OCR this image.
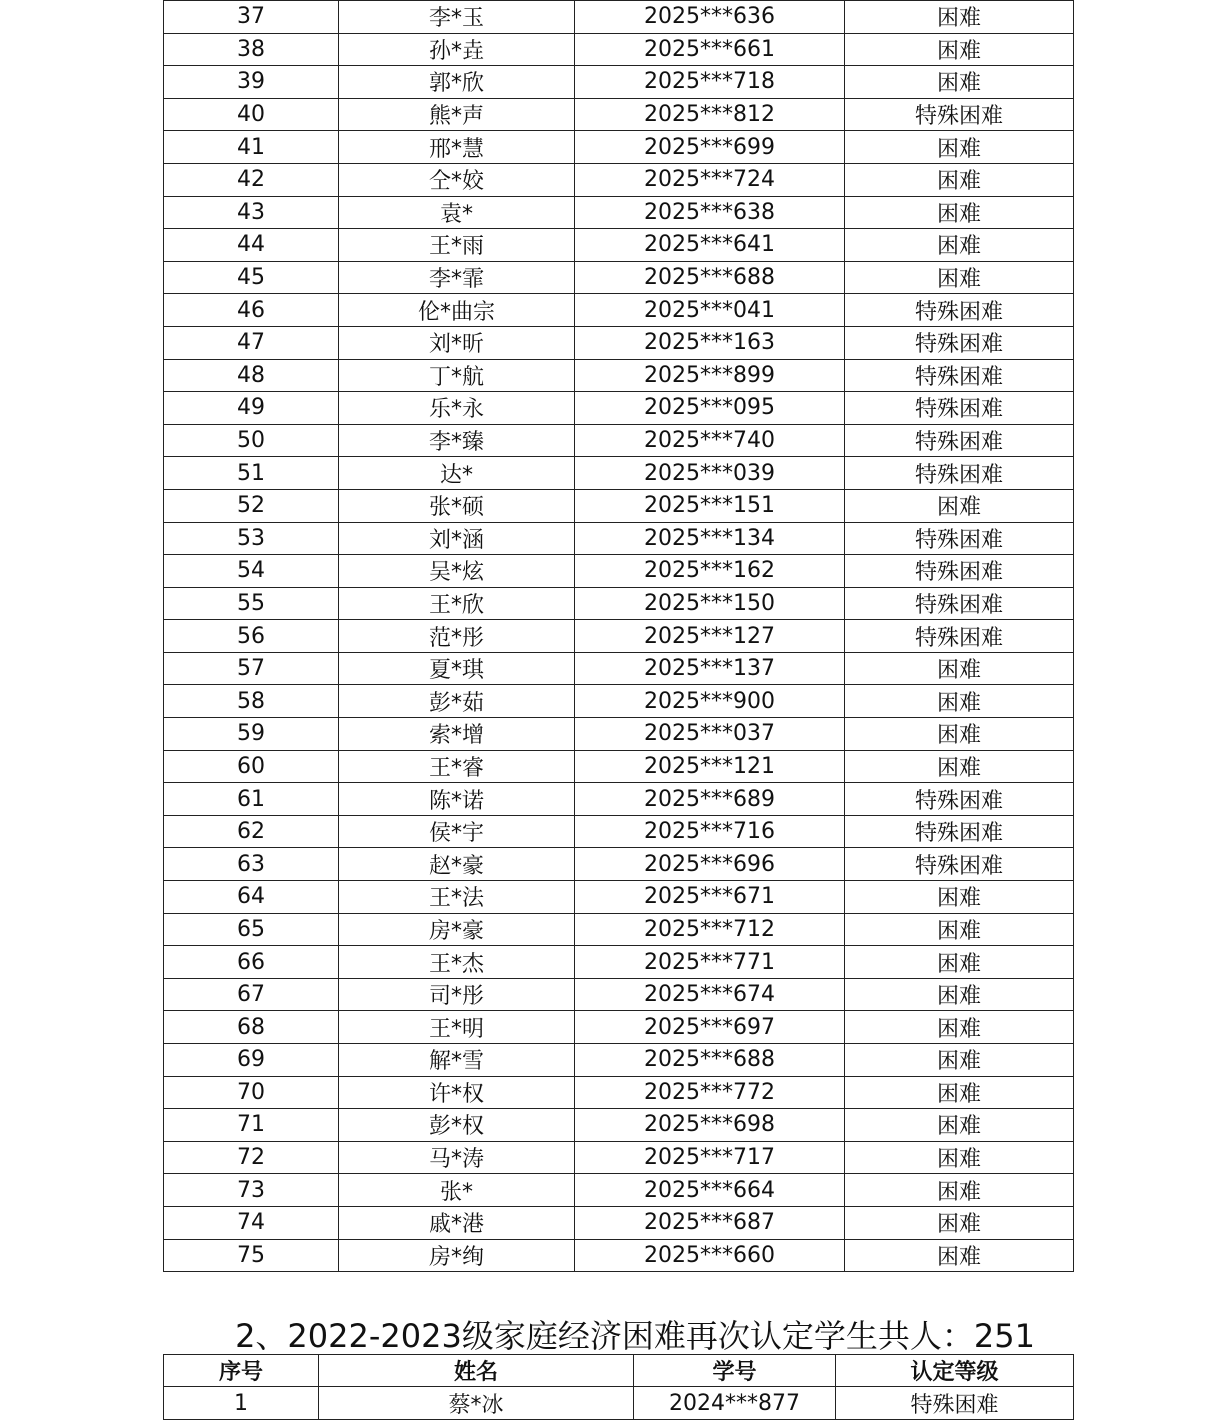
37	李*玉	2025***636	困难
38	孙*垚	2025***661	困难
39	郭*欣	2025***718	困难
40	熊*声	2025***812	特殊困难
41	邢*慧	2025***699	困难
42	仝*姣	2025***724	困难
43	袁*	2025***638	困难
44	王*雨	2025***641	困难
45	李*霏	2025***688	困难
46	伦*曲宗	2025***041	特殊困难
47	刘*昕	2025***163	特殊困难
48	丁*航	2025***899	特殊困难
49	乐*永	2025***095	特殊困难
50	李*臻	2025***740	特殊困难
51	达*	2025***039	特殊困难
52	张*硕	2025***151	困难
53	刘*涵	2025***134	特殊困难
54	吴*炫	2025***162	特殊困难
55	王*欣	2025***150	特殊困难
56	范*彤	2025***127	特殊困难
57	夏*琪	2025***137	困难
58	彭*茹	2025***900	困难
59	索*增	2025***037	困难
60	王*睿	2025***121	困难
61	陈*诺	2025***689	特殊困难
62	侯*宇	2025***716	特殊困难
63	赵*豪	2025***696	特殊困难
64	王*法	2025***671	困难
65	房*豪	2025***712	困难
66	王*杰	2025***771	困难
67	司*彤	2025***674	困难
68	王*明	2025***697	困难
69	解*雪	2025***688	困难
70	许*权	2025***772	困难
71	彭*权	2025***698	困难
72	马*涛	2025***717	困难
73	张*	2025***664	困难
74	戚*港	2025***687	困难
75	房*绚	2025***660	困难
2、2022-2023级家庭经济困难再次认定学生共人：251
序号	姓名	学号	认定等级
1	蔡*冰	2024***877	特殊困难
